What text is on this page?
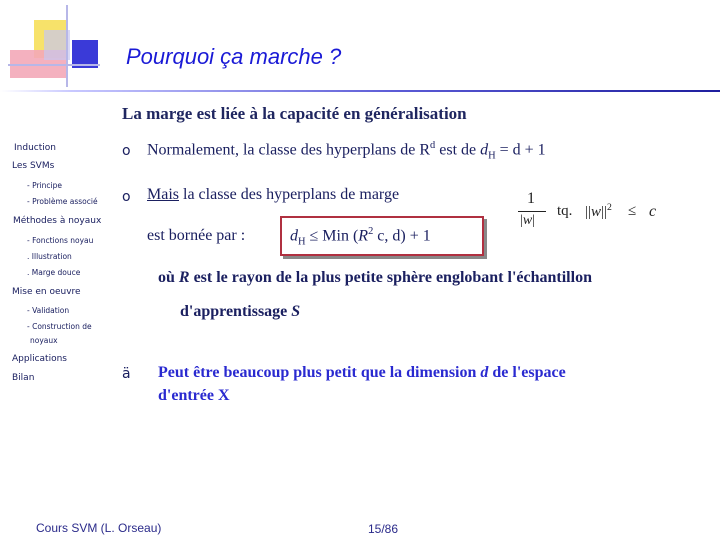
Pourquoi ça marche ?
La marge est liée à la capacité en généralisation
Induction
Les SVMs
- Principe
- Problème associé
Méthodes à noyaux
- Fonctions noyau
. Illustration
. Marge douce
Mise en oeuvre
- Validation
- Construction de
noyaux
Applications
Bilan
o Normalement, la classe des hyperplans de $R^d$ est de $d_H = d + 1$
o Mais la classe des hyperplans de marge	1
|w|
tq. $||w||^2 \le c$
est bornée par :	$d_H$ ≤ Min ($R^2$ c, d) + 1
où R est le rayon de la plus petite sphère englobant l'échantillon
d'apprentissage S
ä Peut être beaucoup plus petit que la dimension d de l'espace
d'entrée X
Cours SVM (L. Orseau)	15/86
